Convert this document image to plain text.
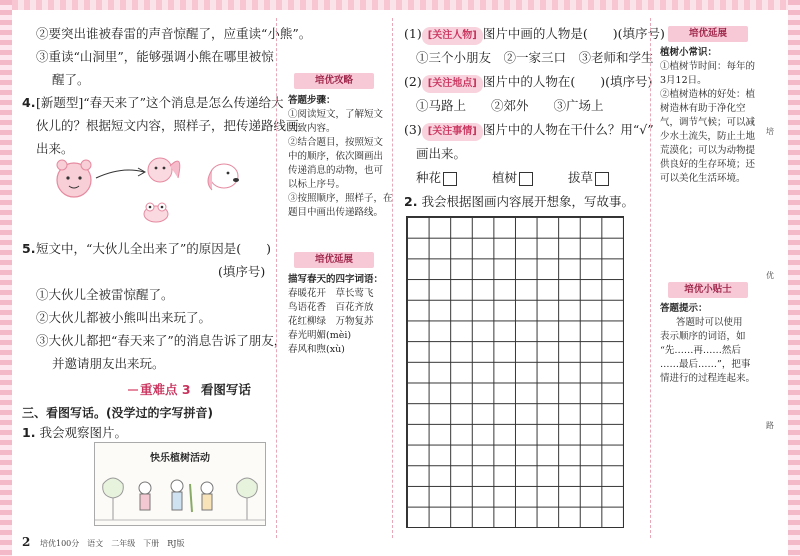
②要突出谁被春雷的声音惊醒了，应重读“小熊”。
③重读“山洞里”，能够强调小熊在哪里被惊
醒了。
4. [新题型]“春天来了”这个消息是怎么传递给大
伙儿的？根据短文内容，照样子，把传递路线画
出来。
5. 短文中，“大伙儿全出来了”的原因是(　　)
(填序号)
①大伙儿全被雷惊醒了。
②大伙儿都被小熊叫出来玩了。
③大伙儿都把“春天来了”的消息告诉了朋友，
并邀请朋友出来玩。
重难点 3 看图写话
三、看图写话。(没学过的字写拼音)
1. 我会观察图片。
快乐植树活动
2 培优100分　语文　二年级　下册　RJ版
培优攻略
答题步骤：
①阅读短文，了解短文
大致内容。
②结合题目，按照短文
中的顺序，依次圈画出
传递消息的动物，也可
以标上序号。
③按照顺序，照样子，在
题目中画出传递路线。
培优延展
描写春天的四字词语：
春暖花开　草长莺飞
鸟语花香　百花齐放
花红柳绿　万物复苏
春光明媚(mèi)
春风和煦(xù)
(1) [关注人物] 图片中画的人物是(　　)(填序号)
①三个小朋友　②一家三口　③老师和学生
(2) [关注地点] 图片中的人物在(　　)(填序号)
①马路上　　②郊外　　③广场上
(3) [关注事情] 图片中的人物在干什么？用“√”
画出来。
种花	植树	拔草
2. 我会根据图画内容展开想象，写故事。
培优延展
植树小常识：
①植树节时间：每年的
3月12日。
②植树造林的好处：植
树造林有助于净化空
气，调节气候；可以减
少水土流失，防止土地
荒漠化；可以为动物提
供良好的生存环境；还
可以美化生活环境。
培优小贴士
答题提示：
答题时可以使用
表示顺序的词语，如
“先……再……然后
……最后……”，把事
情进行的过程连起来。
培
优
路
